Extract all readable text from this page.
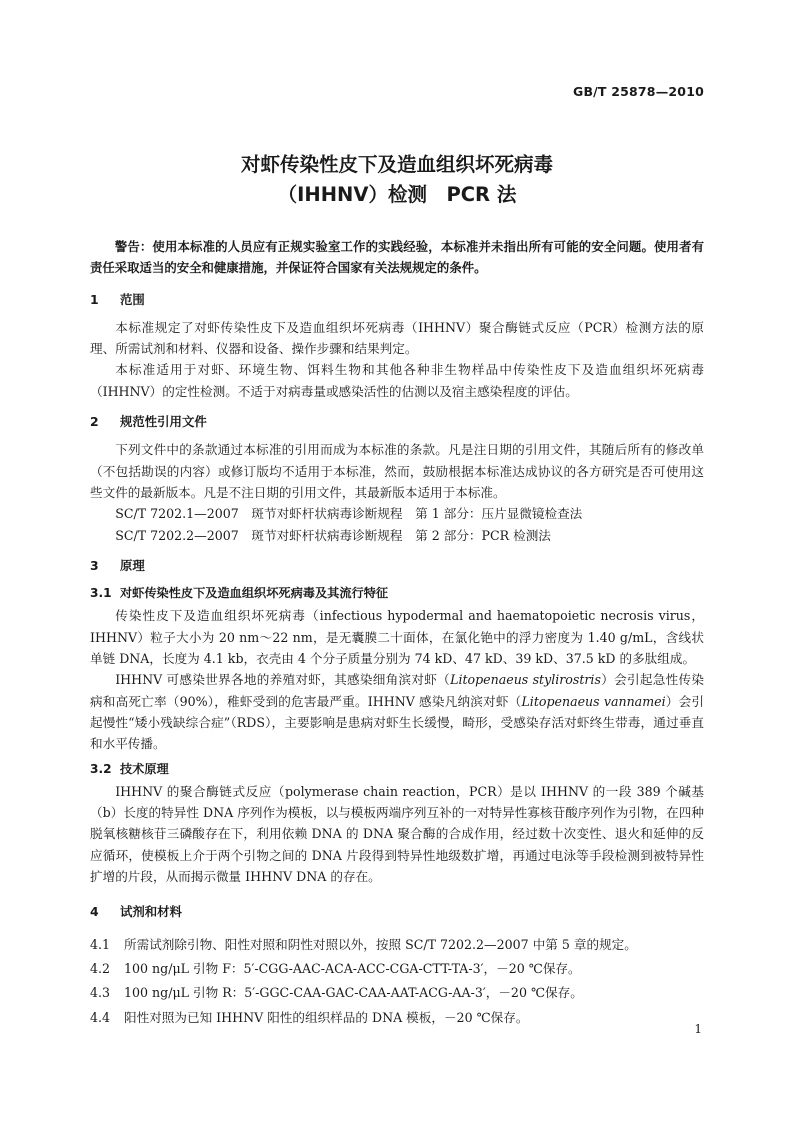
GB/T 25878—2010
对虾传染性皮下及造血组织坏死病毒
（IHHNV）检测　PCR 法

警告：使用本标准的人员应有正规实验室工作的实践经验，本标准并未指出所有可能的安全问题。使用者有责任采取适当的安全和健康措施，并保证符合国家有关法规规定的条件。

1 范围

本标准规定了对虾传染性皮下及造血组织坏死病毒（IHHNV）聚合酶链式反应（PCR）检测方法的原理、所需试剂和材料、仪器和设备、操作步骤和结果判定。

本标准适用于对虾、环境生物、饵料生物和其他各种非生物样品中传染性皮下及造血组织坏死病毒（IHHNV）的定性检测。不适于对病毒量或感染活性的估测以及宿主感染程度的评估。

2 规范性引用文件

下列文件中的条款通过本标准的引用而成为本标准的条款。凡是注日期的引用文件，其随后所有的修改单（不包括勘误的内容）或修订版均不适用于本标准，然而，鼓励根据本标准达成协议的各方研究是否可使用这些文件的最新版本。凡是不注日期的引用文件，其最新版本适用于本标准。

SC/T 7202.1—2007　斑节对虾杆状病毒诊断规程　第 1 部分：压片显微镜检查法
SC/T 7202.2—2007　斑节对虾杆状病毒诊断规程　第 2 部分：PCR 检测法
3 原理
3.1 对虾传染性皮下及造血组织坏死病毒及其流行特征

传染性皮下及造血组织坏死病毒（infectious hypodermal and haematopoietic necrosis virus，IHHNV）粒子大小为 20 nm～22 nm，是无囊膜二十面体，在氯化铯中的浮力密度为 1.40 g/mL，含线状单链 DNA，长度为 4.1 kb，衣壳由 4 个分子质量分别为 74 kD、47 kD、39 kD、37.5 kD 的多肽组成。

IHHNV 可感染世界各地的养殖对虾，其感染细角滨对虾（Litopenaeus stylirostris）会引起急性传染病和高死亡率（90%），稚虾受到的危害最严重。IHHNV 感染凡纳滨对虾（Litopenaeus vannamei）会引起慢性“矮小残缺综合症”（RDS），主要影响是患病对虾生长缓慢，畸形，受感染存活对虾终生带毒，通过垂直和水平传播。

3.2 技术原理

IHHNV 的聚合酶链式反应（polymerase chain reaction，PCR）是以 IHHNV 的一段 389 个碱基（b）长度的特异性 DNA 序列作为模板，以与模板两端序列互补的一对特异性寡核苷酸序列作为引物，在四种脱氧核糖核苷三磷酸存在下，利用依赖 DNA 的 DNA 聚合酶的合成作用，经过数十次变性、退火和延伸的反应循环，使模板上介于两个引物之间的 DNA 片段得到特异性地级数扩增，再通过电泳等手段检测到被特异性扩增的片段，从而揭示微量 IHHNV DNA 的存在。

4 试剂和材料
4.1 所需试剂除引物、阳性对照和阴性对照以外，按照 SC/T 7202.2—2007 中第 5 章的规定。
4.2 100 ng/μL 引物 F：5′-CGG-AAC-ACA-ACC-CGA-CTT-TA-3′，－20 ℃保存。
4.3 100 ng/μL 引物 R：5′-GGC-CAA-GAC-CAA-AAT-ACG-AA-3′，－20 ℃保存。
4.4 阳性对照为已知 IHHNV 阳性的组织样品的 DNA 模板，－20 ℃保存。
1
